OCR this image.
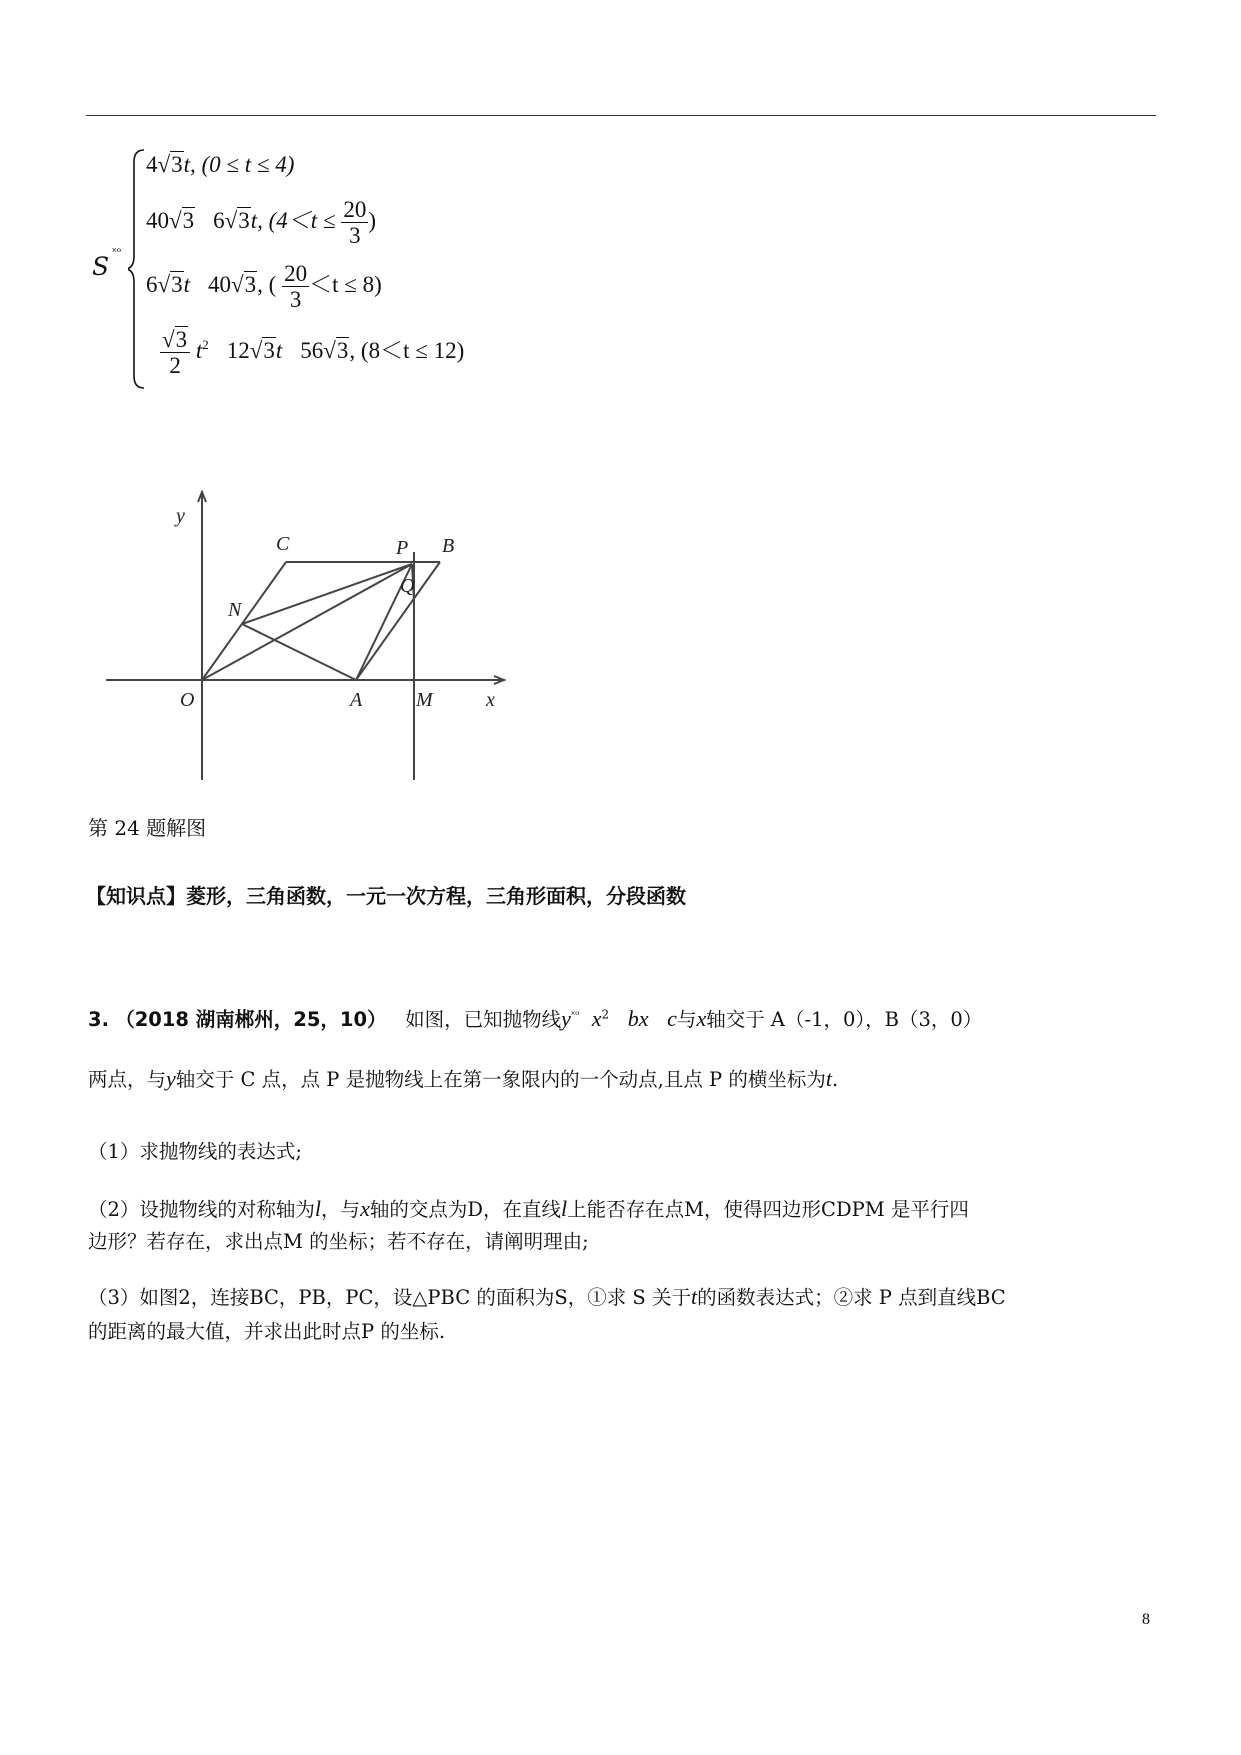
S ˟ᵒ
4√3t, (0 ≤ t ≤ 4)
40√3 6√3t, ($4<t \le \frac{20}{3}$ )
6√3t 40√3, ( $\frac{20}{3} <t \le 8$)
$\frac{√3}{2} t^2$ 12√3t 56√3, (8＜t ≤ 12)
y
x
C	P B
Q
N
O	A	M
第 24 题解图
【知识点】菱形，三角函数，一元一次方程，三角形面积，分段函数
3. （2018 湖南郴州，25，10） 如图，已知抛物线$y^{˟ᵒ}$ $x^2$ bx c与x轴交于 A（-1，0），B（3，0）
两点，与y轴交于 C 点，点 P 是抛物线上在第一象限内的一个动点,且点 P 的横坐标为t.
（1）求抛物线的表达式;
（2）设抛物线的对称轴为l，与x轴的交点为D，在直线l上能否存在点M，使得四边形CDPM 是平行四
边形？若存在，求出点M 的坐标；若不存在，请阐明理由;
（3）如图2，连接BC，PB，PC，设△PBC 的面积为S，①求 S 关于t的函数表达式；②求 P 点到直线BC
的距离的最大值，并求出此时点P 的坐标.
8
